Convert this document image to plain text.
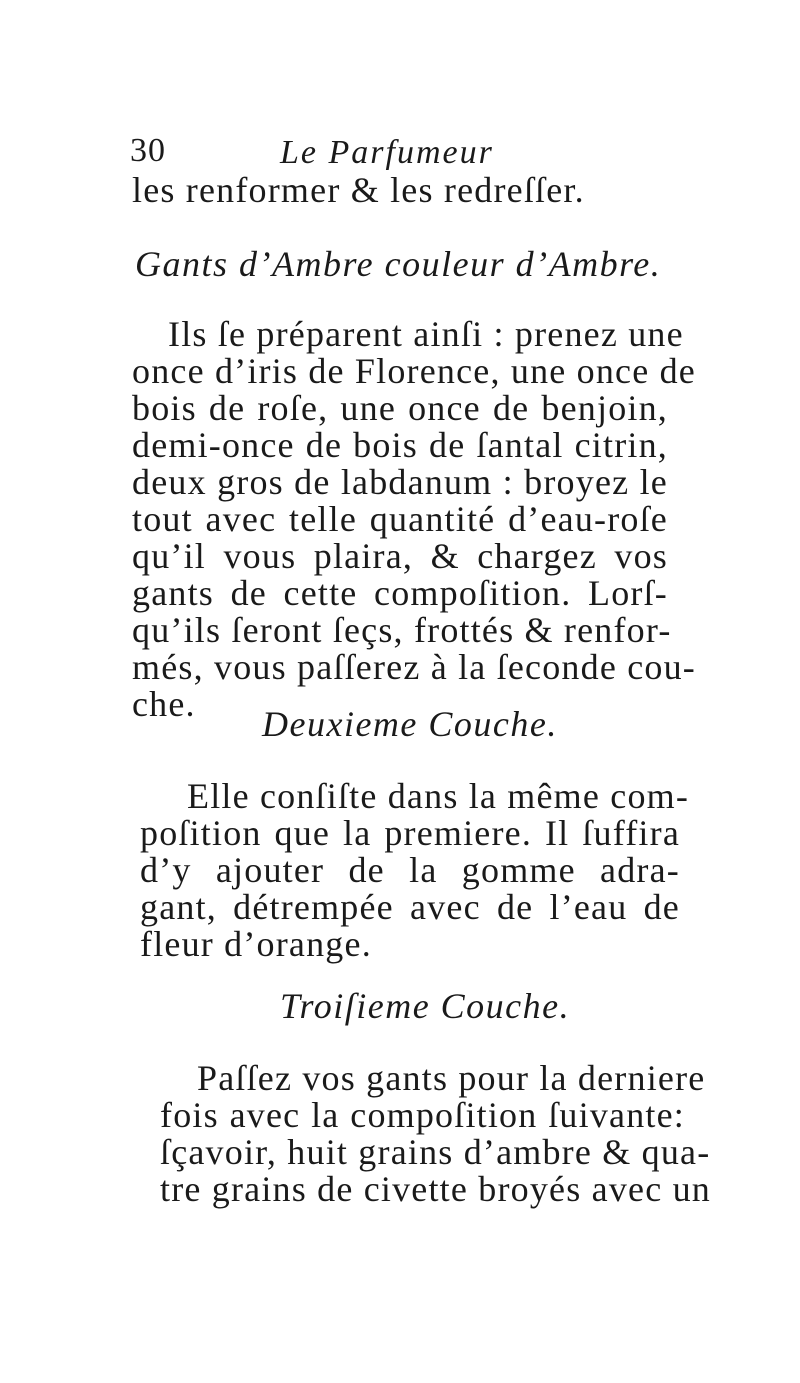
30	Le Parfumeur
les renformer & les redreſſer.
Gants d’Ambre couleur d’Ambre.
Ils ſe préparent ainſi : prenez une
once d’iris de Florence, une once de
bois de roſe, une once de benjoin,
demi-once de bois de ſantal citrin,
deux gros de labdanum : broyez le
tout avec telle quantité d’eau-roſe
qu’il vous plaira, & chargez vos
gants de cette compoſition. Lorſ-
qu’ils ſeront ſeçs, frottés & renfor-
més, vous paſſerez à la ſeconde cou-
che. Deuxieme Couche.
Elle conſiſte dans la même com-
poſition que la premiere. Il ſuffira
d’y ajouter de la gomme adra-
gant, détrempée avec de l’eau de
fleur d’orange.
Troiſieme Couche.
Paſſez vos gants pour la derniere
fois avec la compoſition ſuivante:
ſçavoir, huit grains d’ambre & qua-
tre grains de civette broyés avec un
